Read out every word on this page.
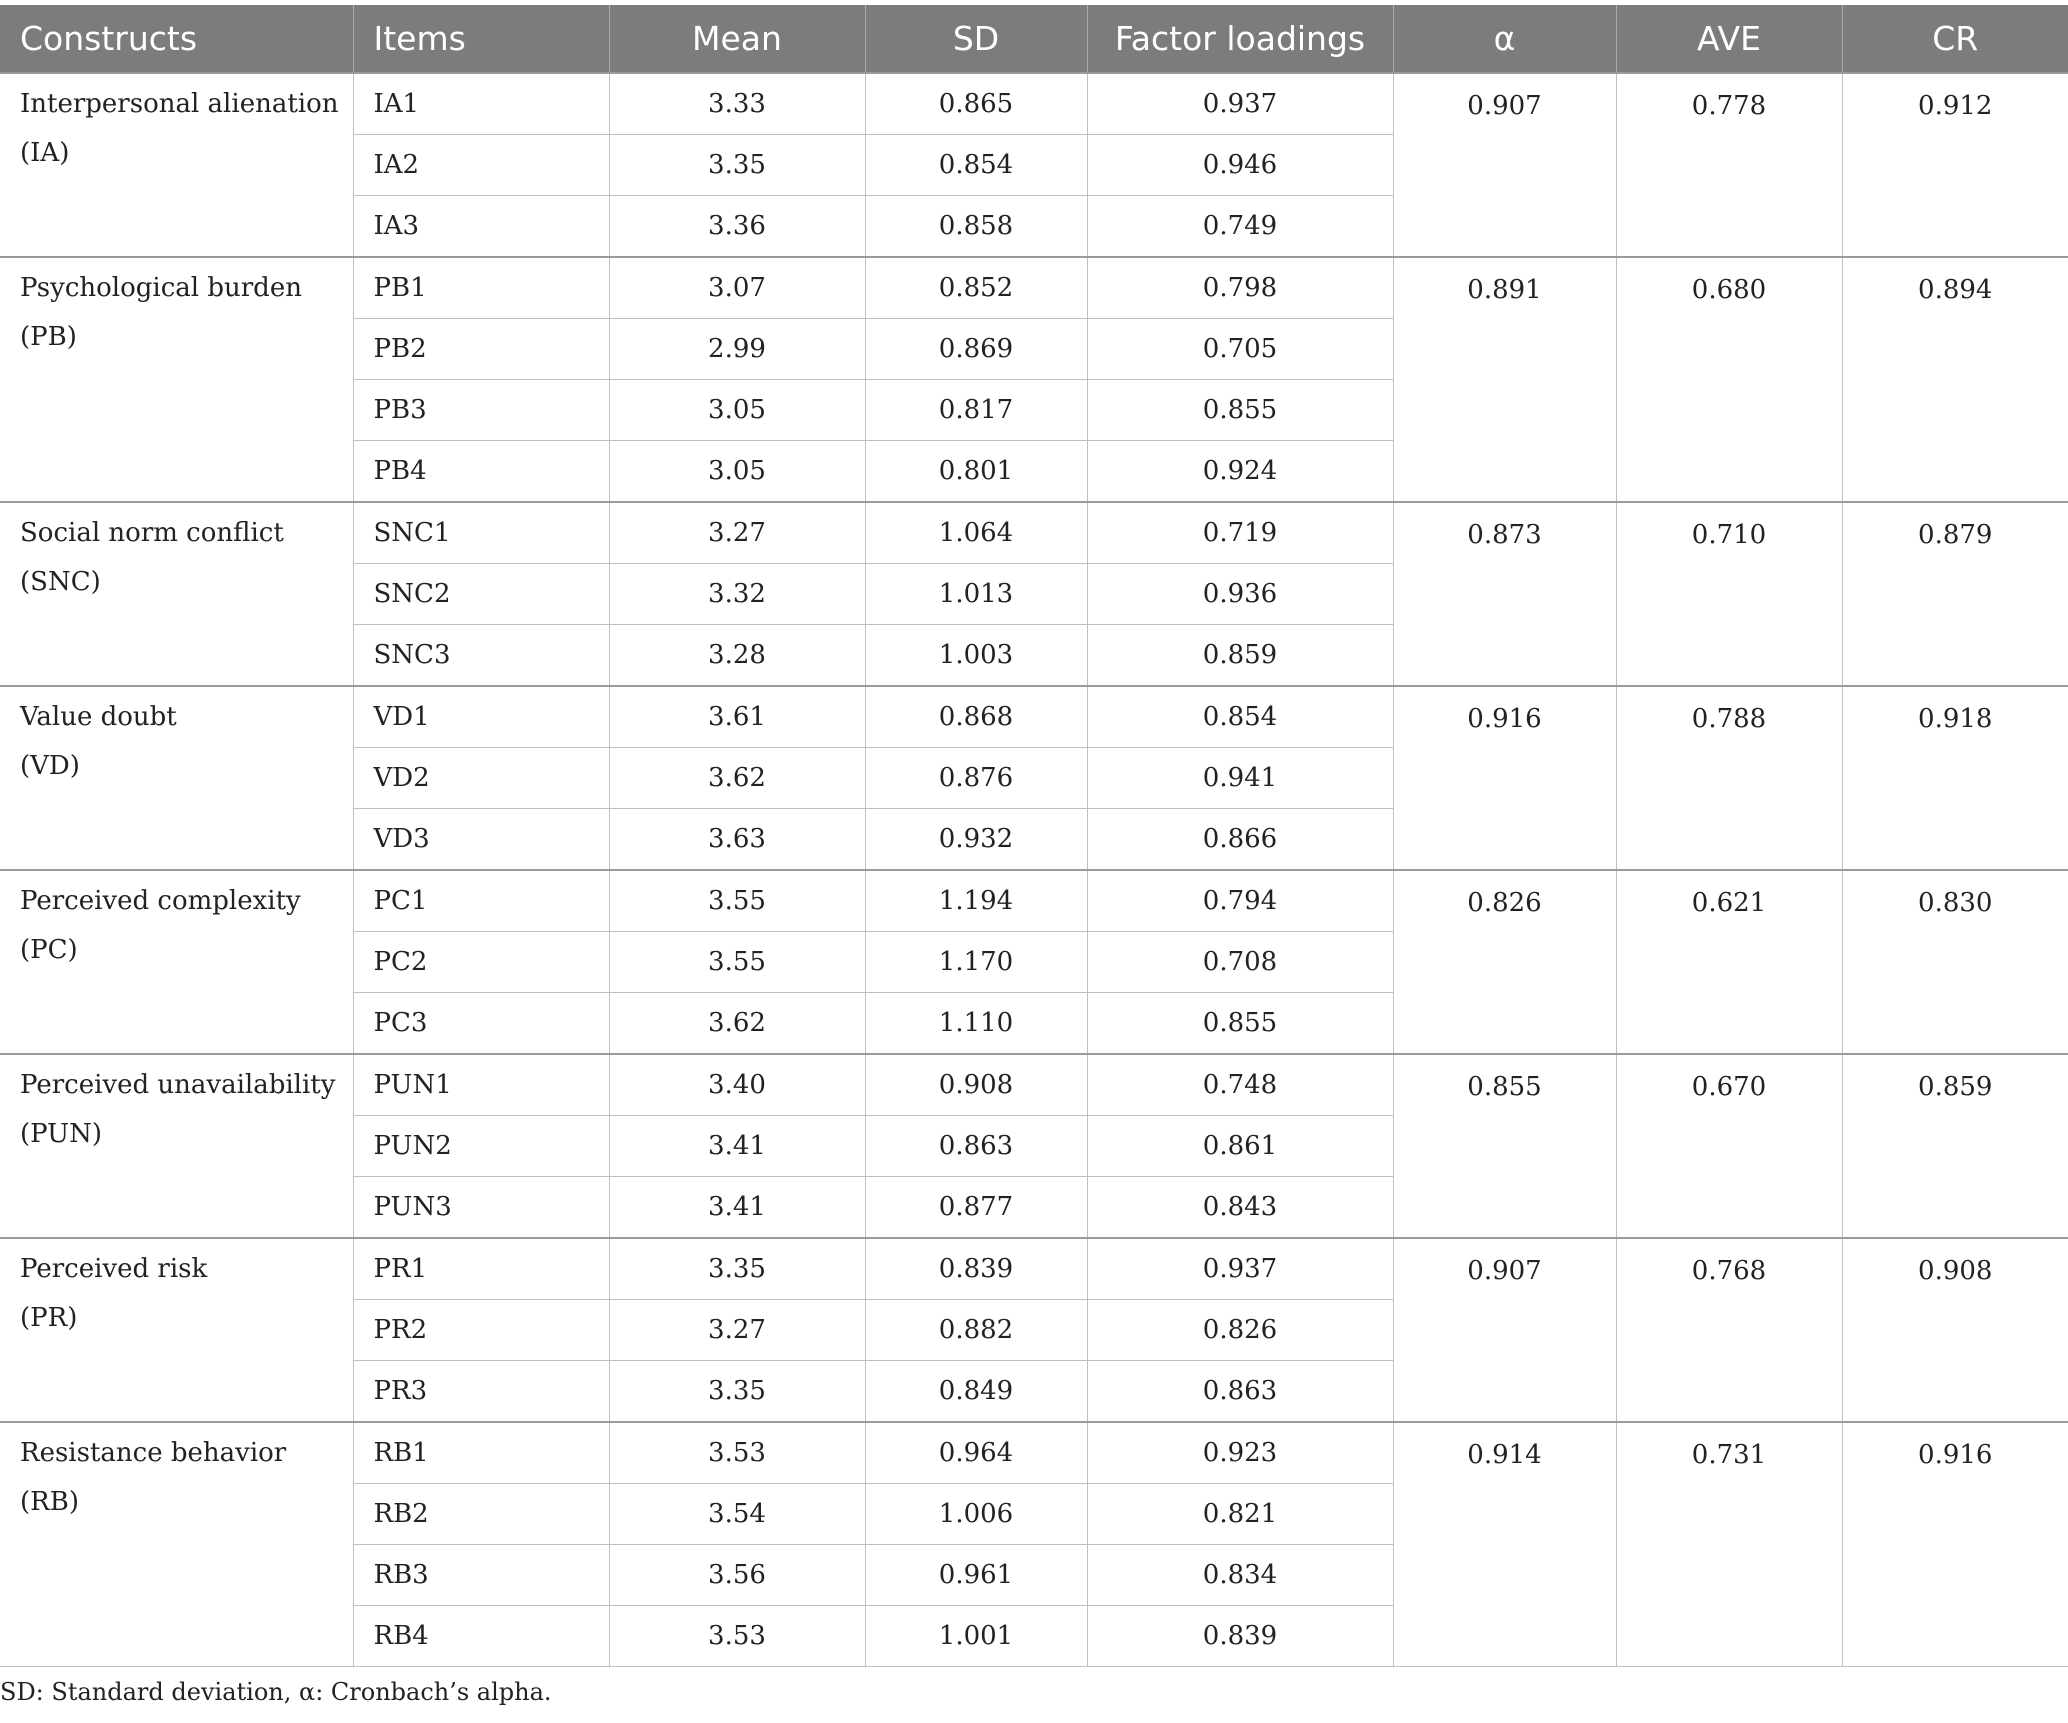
Constructs	Items	Mean	SD	Factor loadings	α	AVE	CR

Interpersonal alienation
(IA)	IA1	3.33	0.865	0.937	0.907	0.778	0.912
	IA2	3.35	0.854	0.946			
	IA3	3.36	0.858	0.749			

Psychological burden
(PB)	PB1	3.07	0.852	0.798	0.891	0.680	0.894
	PB2	2.99	0.869	0.705			
	PB3	3.05	0.817	0.855			
	PB4	3.05	0.801	0.924			

Social norm conflict
(SNC)	SNC1	3.27	1.064	0.719	0.873	0.710	0.879
	SNC2	3.32	1.013	0.936			
	SNC3	3.28	1.003	0.859			

Value doubt
(VD)	VD1	3.61	0.868	0.854	0.916	0.788	0.918
	VD2	3.62	0.876	0.941			
	VD3	3.63	0.932	0.866			

Perceived complexity
(PC)	PC1	3.55	1.194	0.794	0.826	0.621	0.830
	PC2	3.55	1.170	0.708			
	PC3	3.62	1.110	0.855			

Perceived unavailability
(PUN)	PUN1	3.40	0.908	0.748	0.855	0.670	0.859
	PUN2	3.41	0.863	0.861			
	PUN3	3.41	0.877	0.843			

Perceived risk
(PR)	PR1	3.35	0.839	0.937	0.907	0.768	0.908
	PR2	3.27	0.882	0.826			
	PR3	3.35	0.849	0.863			

Resistance behavior
(RB)	RB1	3.53	0.964	0.923	0.914	0.731	0.916
	RB2	3.54	1.006	0.821			
	RB3	3.56	0.961	0.834			
	RB4	3.53	1.001	0.839			
SD: Standard deviation, α: Cronbach’s alpha.
